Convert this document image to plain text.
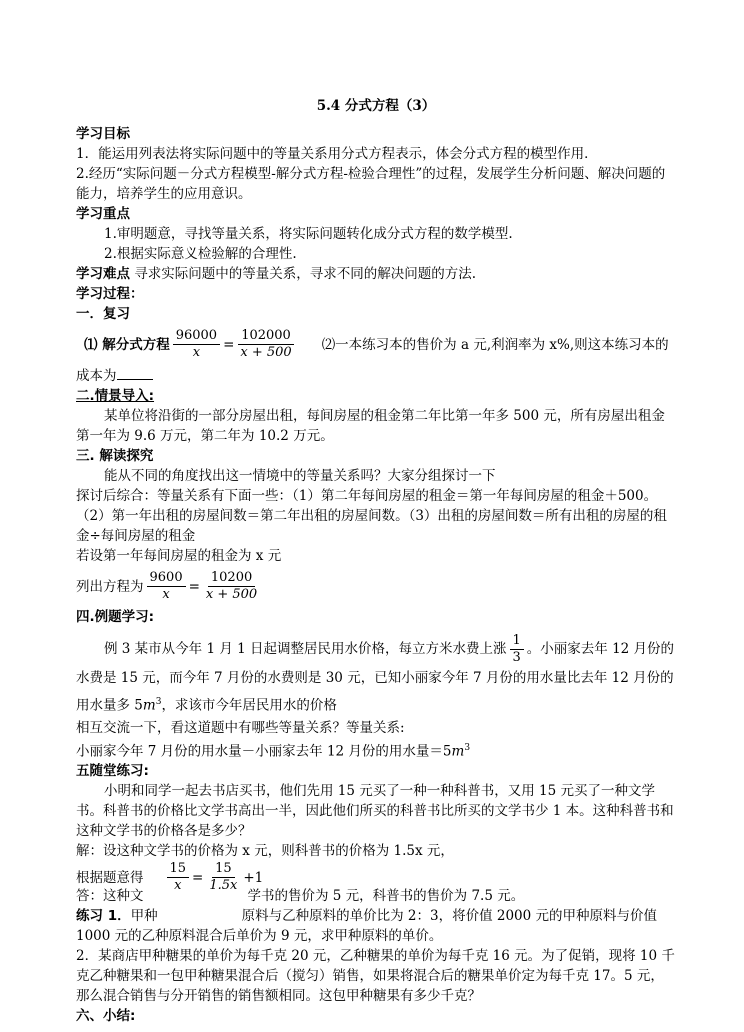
5.4 分式方程（3）
学习目标
1．能运用列表法将实际问题中的等量关系用分式方程表示，体会分式方程的模型作用．
2.经历“实际问题－分式方程模型-解分式方程-检验合理性”的过程，发展学生分析问题、解决问题的能力，培养学生的应用意识。
学习重点
1.审明题意，寻找等量关系，将实际问题转化成分式方程的数学模型.
2.根据实际意义检验解的合理性.
学习难点 寻求实际问题中的等量关系，寻求不同的解决问题的方法.
学习过程：
一．复习
⑴ 解分式方程 $\frac{96000}{x} = \frac{102000}{x + 500}$ ⑵一本练习本的售价为 a 元,利润率为 x%,则这本练习本的
成本为
二.情景导入:
某单位将沿街的一部分房屋出租，每间房屋的租金第二年比第一年多 500 元，所有房屋出租金第一年为 9.6 万元，第二年为 10.2 万元。
三. 解读探究
能从不同的角度找出这一情境中的等量关系吗？大家分组探讨一下
探讨后综合：等量关系有下面一些：（1）第二年每间房屋的租金＝第一年每间房屋的租金＋500。（2）第一年出租的房屋间数＝第二年出租的房屋间数。（3）出租的房屋间数＝所有出租的房屋的租金÷每间房屋的租金
若设第一年每间房屋的租金为 x 元
列出方程为 $\frac{9600}{x} = \frac{10200}{x + 500}$
四.例题学习:
例 3 某市从今年 1 月 1 日起调整居民用水价格，每立方米水费上涨 $\frac{1}{3}$ 。小丽家去年 12 月份的水费是 15 元，而今年 7 月份的水费则是 30 元，已知小丽家今年 7 月份的用水量比去年 12 月份的用水量多 $5m^3$，求该市今年居民用水的价格
相互交流一下，看这道题中有哪些等量关系？等量关系:
小丽家今年 7 月份的用水量－小丽家去年 12 月份的用水量$=5m^3$
五随堂练习:
小明和同学一起去书店买书，他们先用 15 元买了一种一种科普书，又用 15 元买了一种文学书。科普书的价格比文学书高出一半，因此他们所买的科普书比所买的文学书少 1 本。这种科普书和这种文学书的价格各是多少？
解：设这种文学书的价格为 x 元，则科普书的价格为 1.5x 元，
根据题意得 $\frac{15}{x} = \frac{15}{1.5x} +1$
答：这种文	学书的售价为 5 元，科普书的售价为 7.5 元。
练习 1．甲种	原料与乙种原料的单价比为 2：3，将价值 2000 元的甲种原料与价值 1000 元的乙种原料混合后单价为 9 元，求甲种原料的单价。
2．某商店甲种糖果的单价为每千克 20 元，乙种糖果的单价为每千克 16 元。为了促销，现将 10 千克乙种糖果和一包甲种糖果混合后（搅匀）销售，如果将混合后的糖果单价定为每千克 17。5 元，那么混合销售与分开销售的销售额相同。这包甲种糖果有多少千克？
六、小结:
